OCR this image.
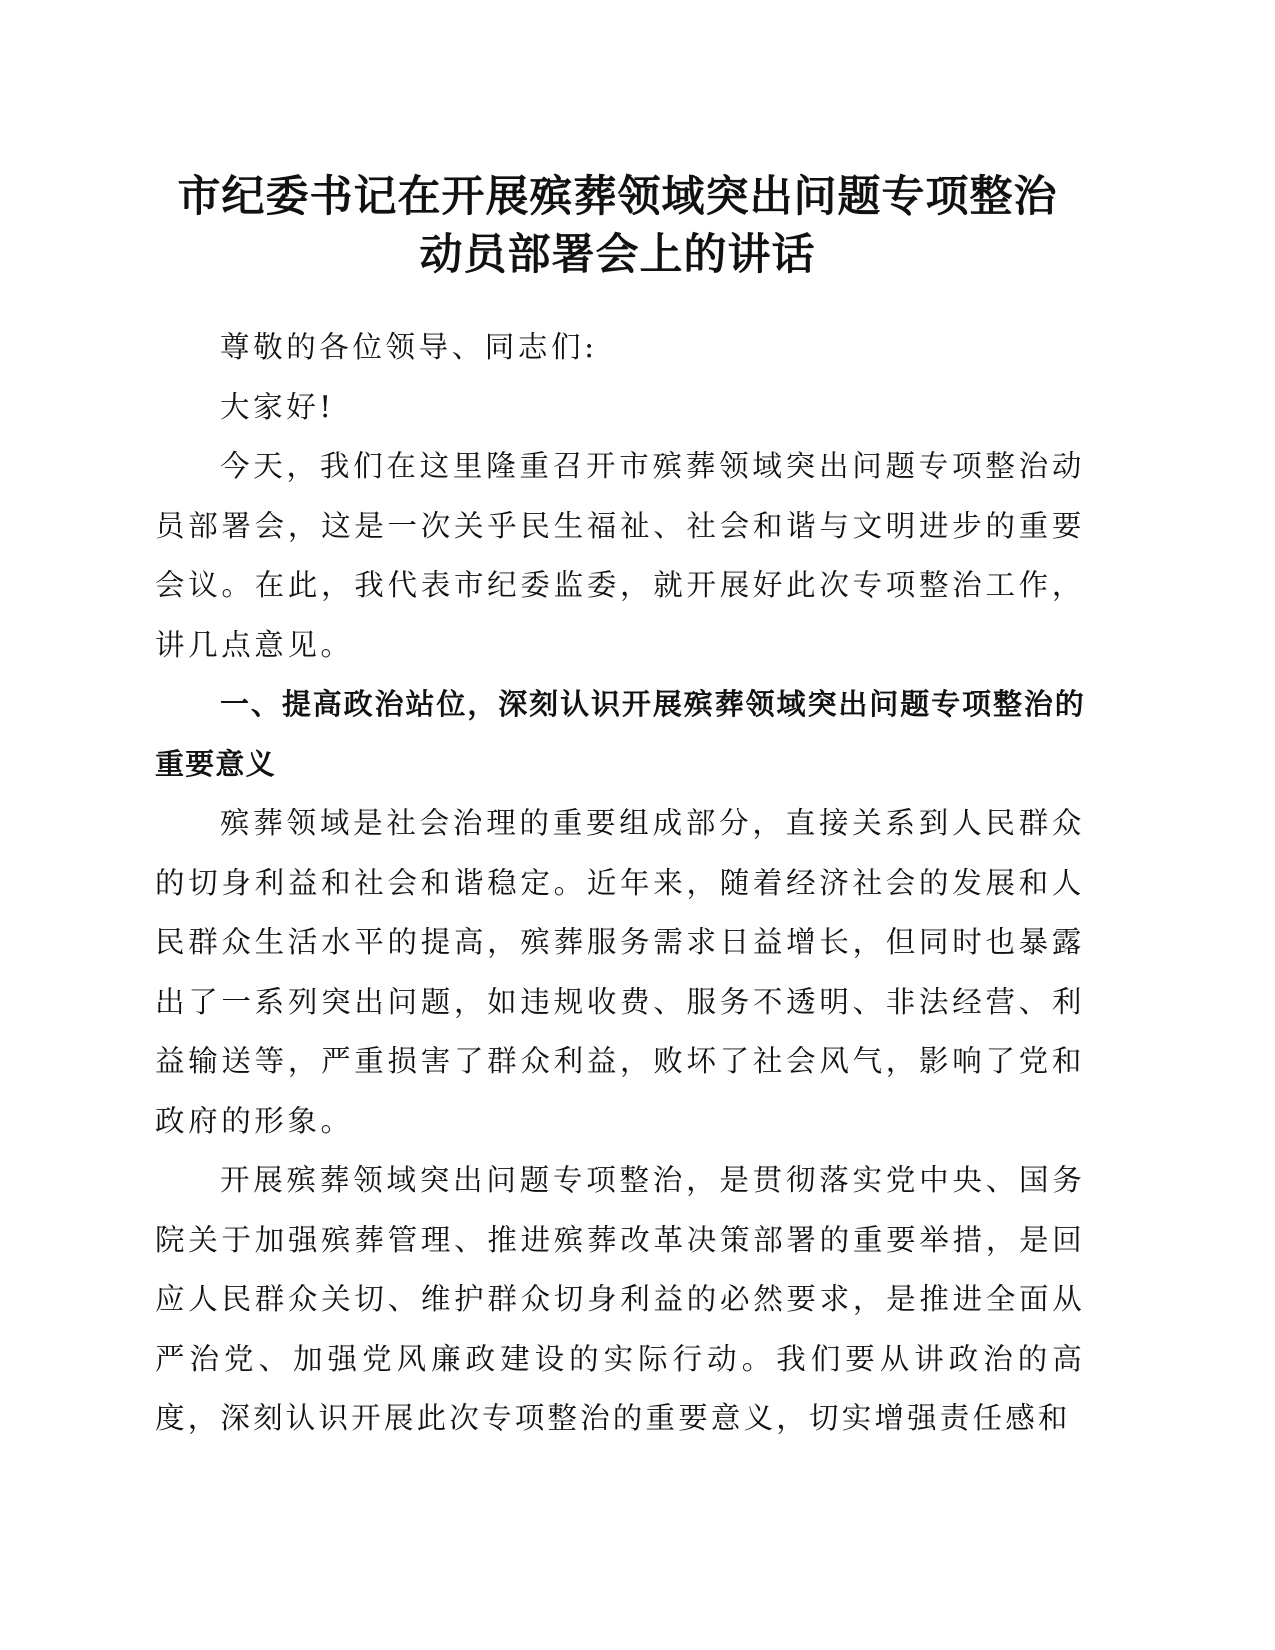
市纪委书记在开展殡葬领域突出问题专项整治
动员部署会上的讲话

尊敬的各位领导、同志们:

大家好!

今天，我们在这里隆重召开市殡葬领域突出问题专项整治动员部署会，这是一次关乎民生福祉、社会和谐与文明进步的重要会议。在此，我代表市纪委监委，就开展好此次专项整治工作，讲几点意见。

一、提高政治站位，深刻认识开展殡葬领域突出问题专项整治的重要意义

殡葬领域是社会治理的重要组成部分，直接关系到人民群众的切身利益和社会和谐稳定。近年来，随着经济社会的发展和人民群众生活水平的提高，殡葬服务需求日益增长，但同时也暴露出了一系列突出问题，如违规收费、服务不透明、非法经营、利益输送等，严重损害了群众利益，败坏了社会风气，影响了党和政府的形象。

开展殡葬领域突出问题专项整治，是贯彻落实党中央、国务院关于加强殡葬管理、推进殡葬改革决策部署的重要举措，是回应人民群众关切、维护群众切身利益的必然要求，是推进全面从严治党、加强党风廉政建设的实际行动。我们要从讲政治的高度，深刻认识开展此次专项整治的重要意义，切实增强责任感和
